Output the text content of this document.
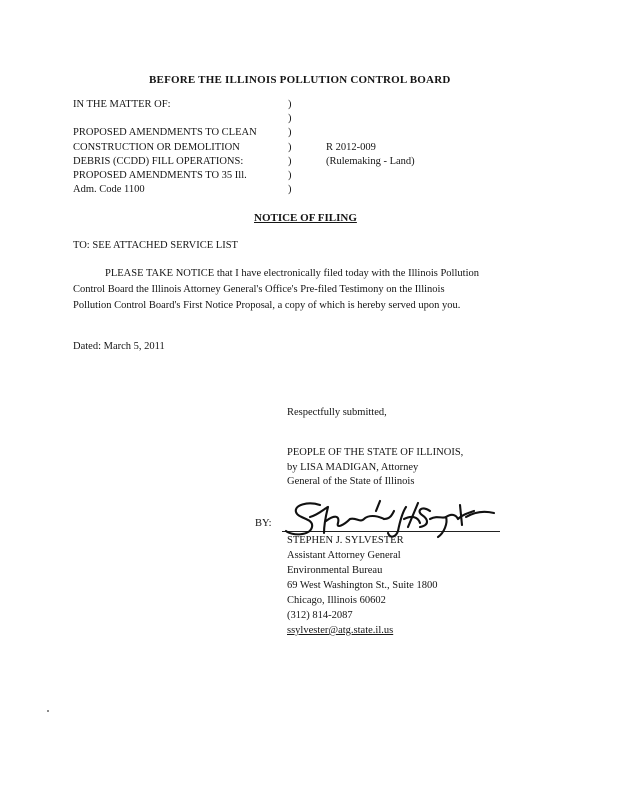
BEFORE THE ILLINOIS POLLUTION CONTROL BOARD
IN THE MATTER OF:
PROPOSED AMENDMENTS TO CLEAN
CONSTRUCTION OR DEMOLITION
DEBRIS (CCDD) FILL OPERATIONS:
PROPOSED AMENDMENTS TO 35 Ill.
Adm. Code 1100
)
)
)
)
)
)
)
R 2012-009
(Rulemaking - Land)
NOTICE OF FILING
TO: SEE ATTACHED SERVICE LIST
PLEASE TAKE NOTICE that I have electronically filed today with the Illinois Pollution
Control Board the Illinois Attorney General's Office's Pre-filed Testimony on the Illinois
Pollution Control Board's First Notice Proposal, a copy of which is hereby served upon you.
Dated: March 5, 2011
Respectfully submitted,
PEOPLE OF THE STATE OF ILLINOIS,
by LISA MADIGAN, Attorney
General of the State of Illinois
BY:
STEPHEN J. SYLVESTER
Assistant Attorney General
Environmental Bureau
69 West Washington St., Suite 1800
Chicago, Illinois 60602
(312) 814-2087
ssylvester@atg.state.il.us
